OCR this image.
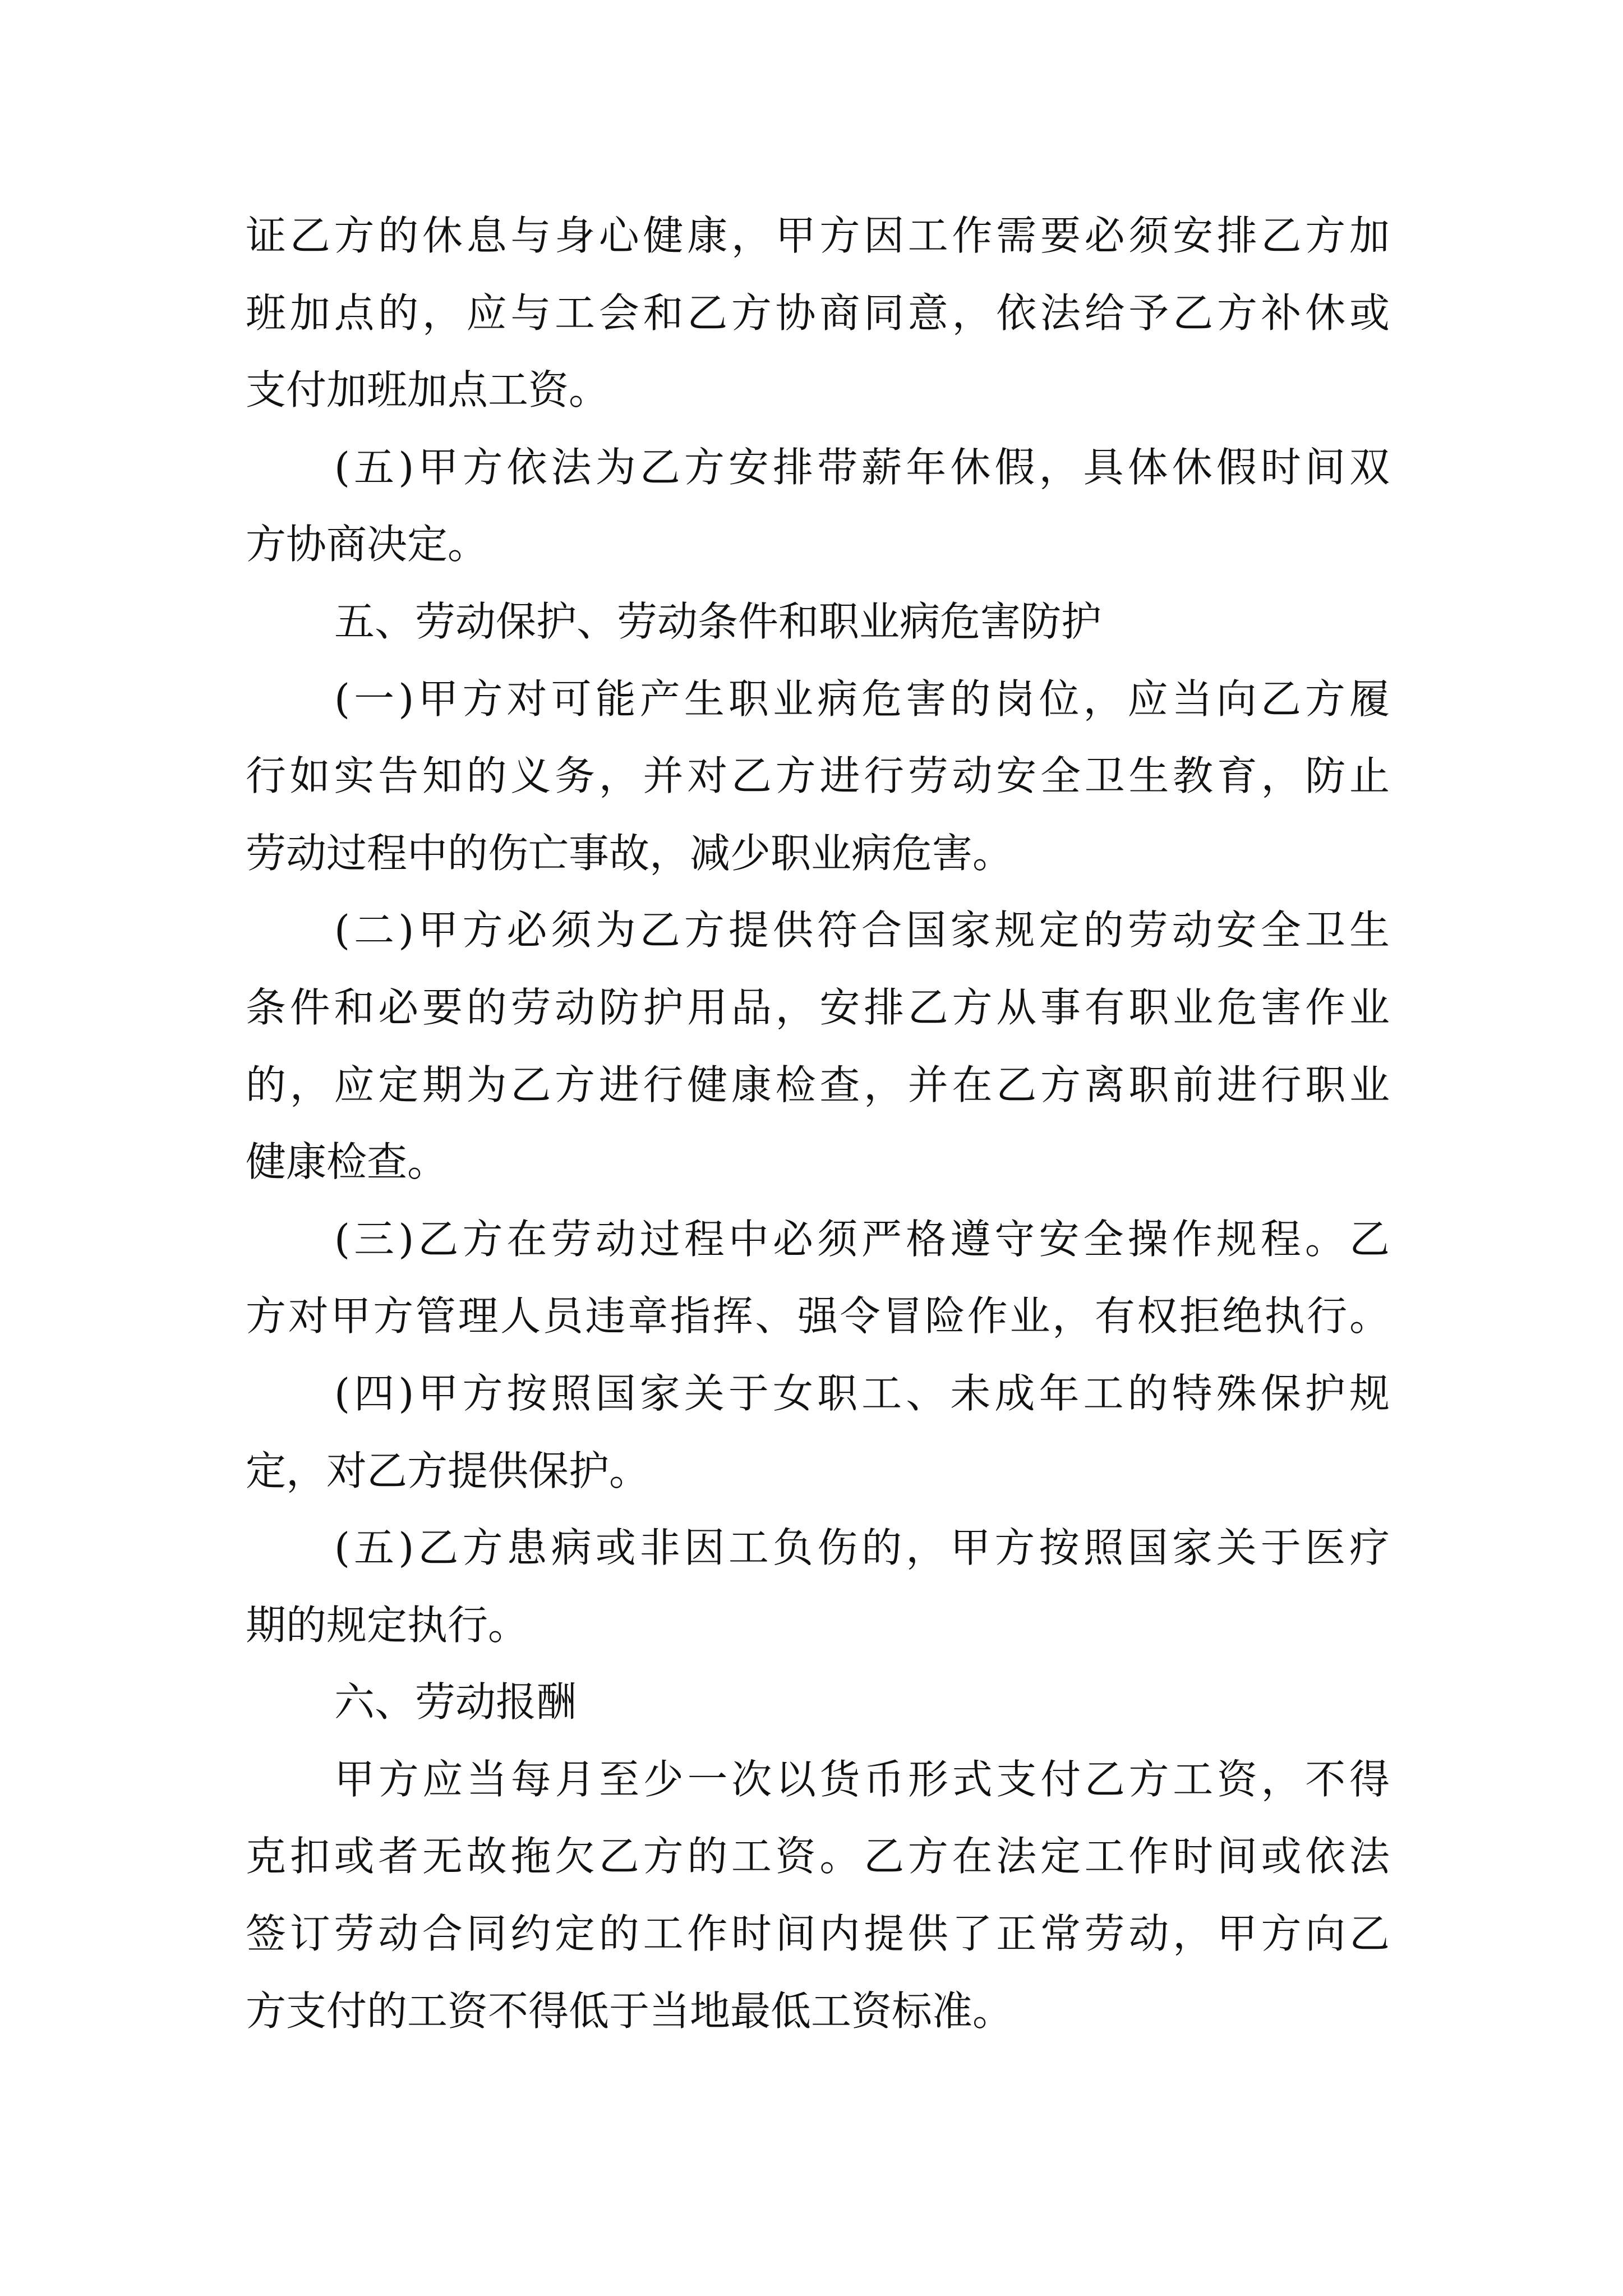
证乙方的休息与身心健康，甲方因工作需要必须安排乙方加
班加点的，应与工会和乙方协商同意，依法给予乙方补休或
支付加班加点工资。
(五)甲方依法为乙方安排带薪年休假，具体休假时间双
方协商决定。
五、劳动保护、劳动条件和职业病危害防护
(一)甲方对可能产生职业病危害的岗位，应当向乙方履
行如实告知的义务，并对乙方进行劳动安全卫生教育，防止
劳动过程中的伤亡事故，减少职业病危害。
(二)甲方必须为乙方提供符合国家规定的劳动安全卫生
条件和必要的劳动防护用品，安排乙方从事有职业危害作业
的，应定期为乙方进行健康检查，并在乙方离职前进行职业
健康检查。
(三)乙方在劳动过程中必须严格遵守安全操作规程。乙
方对甲方管理人员违章指挥、强令冒险作业，有权拒绝执行。
(四)甲方按照国家关于女职工、未成年工的特殊保护规
定，对乙方提供保护。
(五)乙方患病或非因工负伤的，甲方按照国家关于医疗
期的规定执行。
六、劳动报酬
甲方应当每月至少一次以货币形式支付乙方工资，不得
克扣或者无故拖欠乙方的工资。乙方在法定工作时间或依法
签订劳动合同约定的工作时间内提供了正常劳动，甲方向乙
方支付的工资不得低于当地最低工资标准。
